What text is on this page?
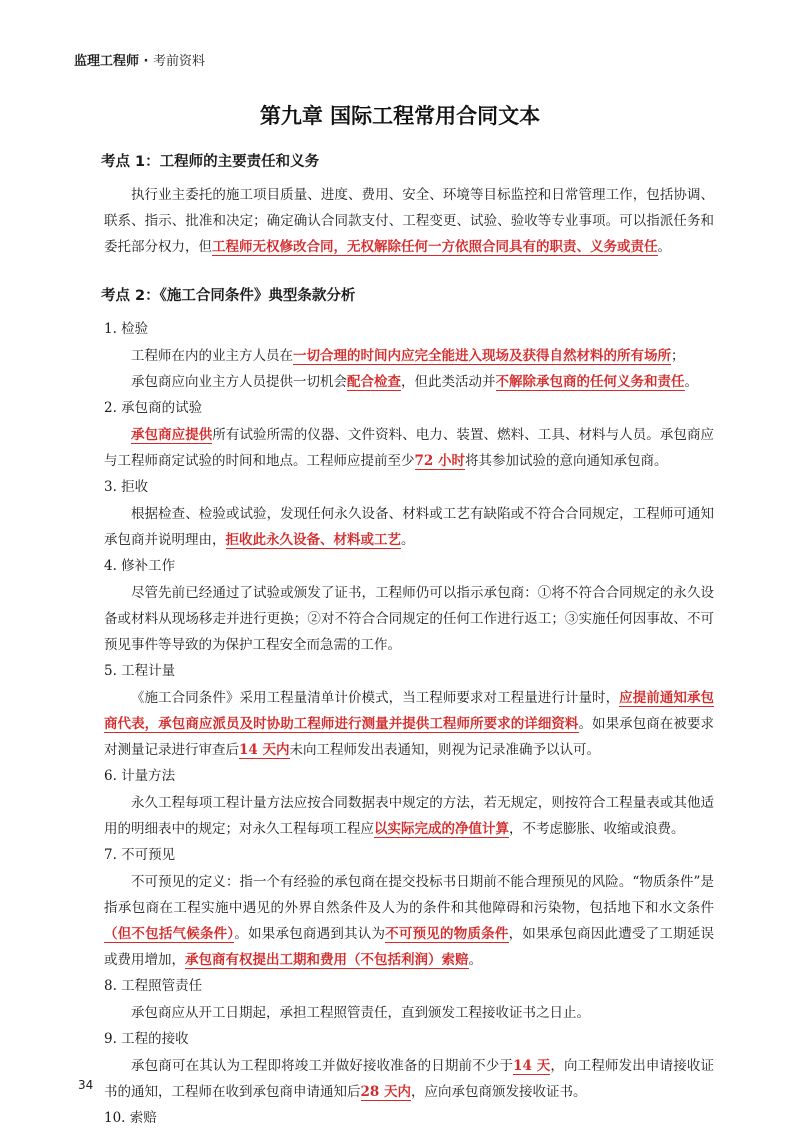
监理工程师 · 考前资料
第九章 国际工程常用合同文本
考点 1：工程师的主要责任和义务

执行业主委托的施工项目质量、进度、费用、安全、环境等目标监控和日常管理工作，包括协调、联系、指示、批准和决定；确定确认合同款支付、工程变更、试验、验收等专业事项。可以指派任务和委托部分权力，但工程师无权修改合同，无权解除任何一方依照合同具有的职责、义务或责任。

考点 2：《施工合同条件》典型条款分析

1. 检验

工程师在内的业主方人员在一切合理的时间内应完全能进入现场及获得自然材料的所有场所；

承包商应向业主方人员提供一切机会配合检查，但此类活动并不解除承包商的任何义务和责任。

2. 承包商的试验

承包商应提供所有试验所需的仪器、文件资料、电力、装置、燃料、工具、材料与人员。承包商应与工程师商定试验的时间和地点。工程师应提前至少72 小时将其参加试验的意向通知承包商。

3. 拒收

根据检查、检验或试验，发现任何永久设备、材料或工艺有缺陷或不符合合同规定，工程师可通知承包商并说明理由，拒收此永久设备、材料或工艺。

4. 修补工作

尽管先前已经通过了试验或颁发了证书，工程师仍可以指示承包商：①将不符合合同规定的永久设备或材料从现场移走并进行更换；②对不符合合同规定的任何工作进行返工；③实施任何因事故、不可预见事件等导致的为保护工程安全而急需的工作。

5. 工程计量

《施工合同条件》采用工程量清单计价模式，当工程师要求对工程量进行计量时，应提前通知承包商代表，承包商应派员及时协助工程师进行测量并提供工程师所要求的详细资料。如果承包商在被要求对测量记录进行审查后14 天内未向工程师发出表通知，则视为记录准确予以认可。

6. 计量方法

永久工程每项工程计量方法应按合同数据表中规定的方法，若无规定，则按符合工程量表或其他适用的明细表中的规定；对永久工程每项工程应以实际完成的净值计算，不考虑膨胀、收缩或浪费。

7. 不可预见

不可预见的定义：指一个有经验的承包商在提交投标书日期前不能合理预见的风险。“物质条件”是指承包商在工程实施中遇见的外界自然条件及人为的条件和其他障碍和污染物，包括地下和水文条件（但不包括气候条件）。如果承包商遇到其认为不可预见的物质条件，如果承包商因此遭受了工期延误或费用增加，承包商有权提出工期和费用（不包括利润）索赔。

8. 工程照管责任

承包商应从开工日期起，承担工程照管责任，直到颁发工程接收证书之日止。

9. 工程的接收

承包商可在其认为工程即将竣工并做好接收准备的日期前不少于14 天，向工程师发出申请接收证书的通知，工程师在收到承包商申请通知后28 天内，应向承包商颁发接收证书。

10. 索赔

34
